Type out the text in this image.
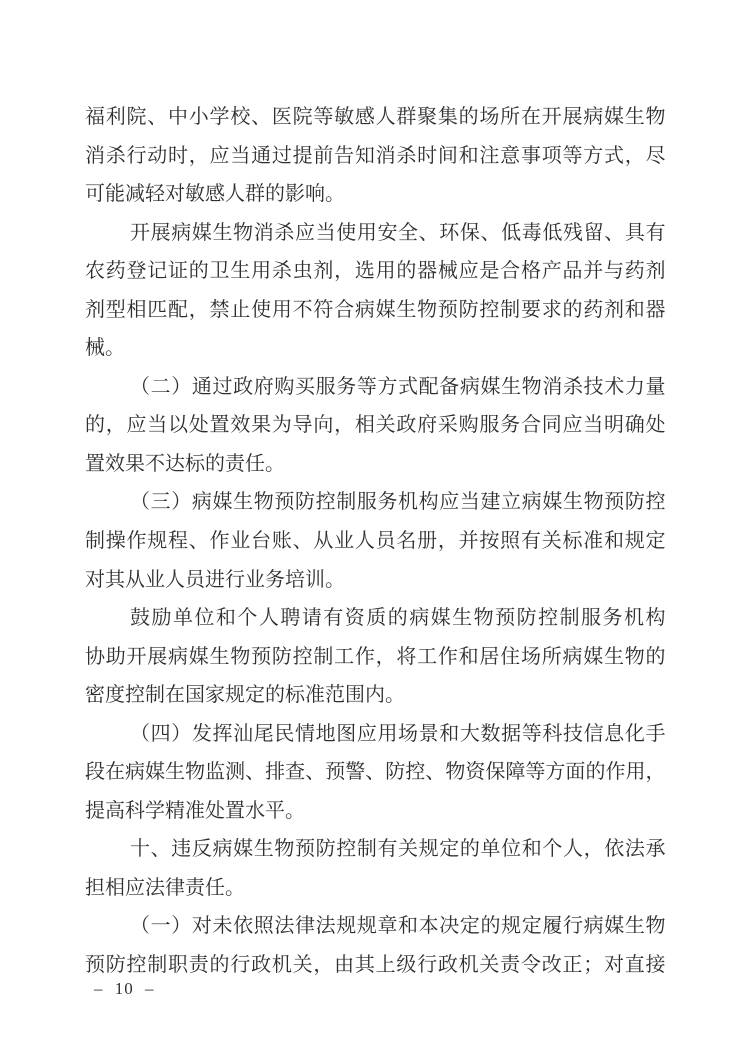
福利院、中小学校、医院等敏感人群聚集的场所在开展病媒生物
消杀行动时，应当通过提前告知消杀时间和注意事项等方式，尽
可能减轻对敏感人群的影响。
开展病媒生物消杀应当使用安全、环保、低毒低残留、具有
农药登记证的卫生用杀虫剂，选用的器械应是合格产品并与药剂
剂型相匹配，禁止使用不符合病媒生物预防控制要求的药剂和器
械。
（二）通过政府购买服务等方式配备病媒生物消杀技术力量
的，应当以处置效果为导向，相关政府采购服务合同应当明确处
置效果不达标的责任。
（三）病媒生物预防控制服务机构应当建立病媒生物预防控
制操作规程、作业台账、从业人员名册，并按照有关标准和规定
对其从业人员进行业务培训。
鼓励单位和个人聘请有资质的病媒生物预防控制服务机构
协助开展病媒生物预防控制工作，将工作和居住场所病媒生物的
密度控制在国家规定的标准范围内。
（四）发挥汕尾民情地图应用场景和大数据等科技信息化手
段在病媒生物监测、排查、预警、防控、物资保障等方面的作用，
提高科学精准处置水平。
十、违反病媒生物预防控制有关规定的单位和个人，依法承
担相应法律责任。
（一）对未依照法律法规规章和本决定的规定履行病媒生物
预防控制职责的行政机关，由其上级行政机关责令改正；对直接
– 10 –
